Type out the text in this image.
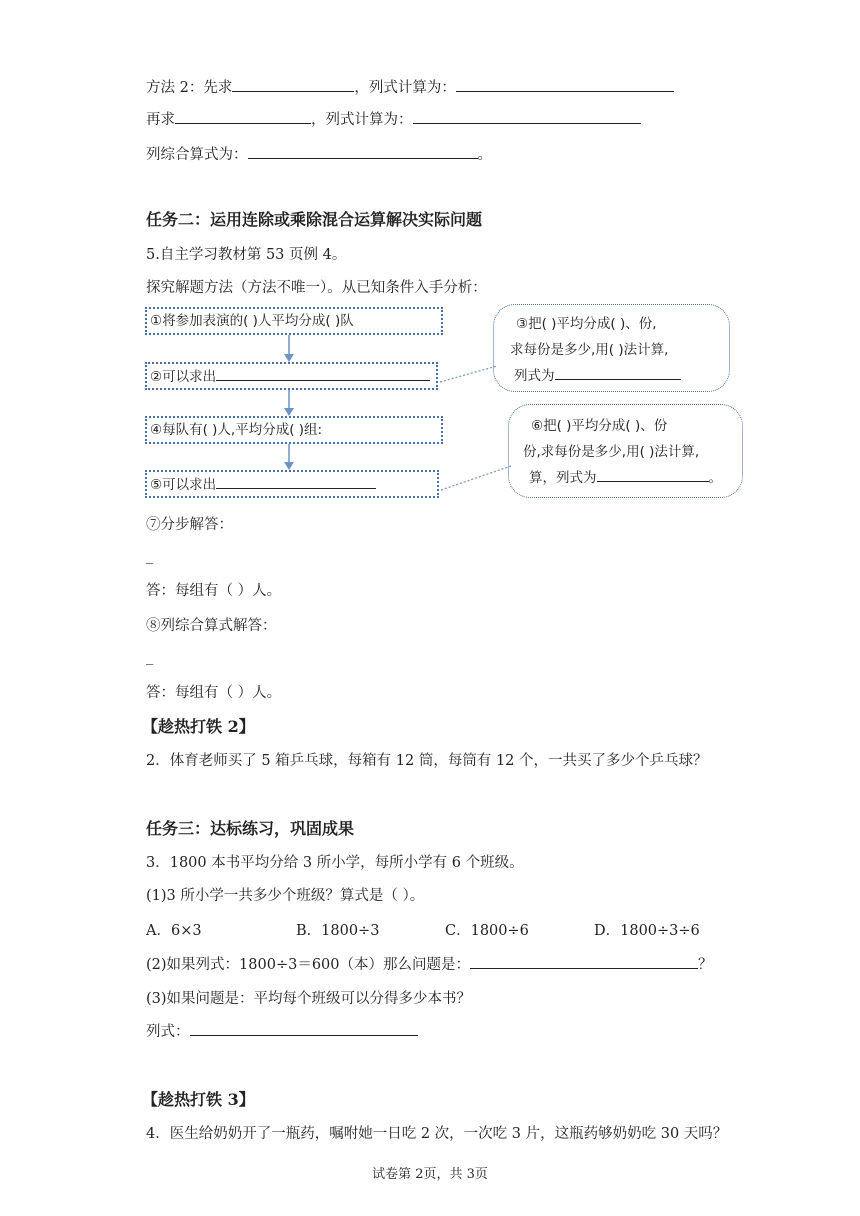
方法 2：先求	，列式计算为：
再求	，列式计算为：
列综合算式为：	。
任务二：运用连除或乘除混合运算解决实际问题
5.自主学习教材第 53 页例 4。
探究解题方法（方法不唯一）。从已知条件入手分析：
①将参加表演的( )人平均分成( )队
②可以求出
④每队有( )人,平均分成( )组:
⑤可以求出
③把( )平均分成( )、份,
求每份是多少,用( )法计算,
列式为
⑥把( )平均分成( )、份
份,求每份是多少,用( )法计算,
算，列式为	。
⑦分步解答：
_
答：每组有（ ）人。
⑧列综合算式解答：
_
答：每组有（ ）人。
【趁热打铁 2】
2．体育老师买了 5 箱乒乓球，每箱有 12 筒，每筒有 12 个，一共买了多少个乒乓球？
任务三：达标练习，巩固成果
3．1800 本书平均分给 3 所小学，每所小学有 6 个班级。
(1)3 所小学一共多少个班级？算式是（ ）。
A．6×3	B．1800÷3	C．1800÷6	D．1800÷3÷6
(2)如果列式：1800÷3＝600（本）那么问题是：	？
(3)如果问题是：平均每个班级可以分得多少本书？
列式：
【趁热打铁 3】
4．医生给奶奶开了一瓶药，嘱咐她一日吃 2 次，一次吃 3 片，这瓶药够奶奶吃 30 天吗？
试卷第 2页，共 3页
